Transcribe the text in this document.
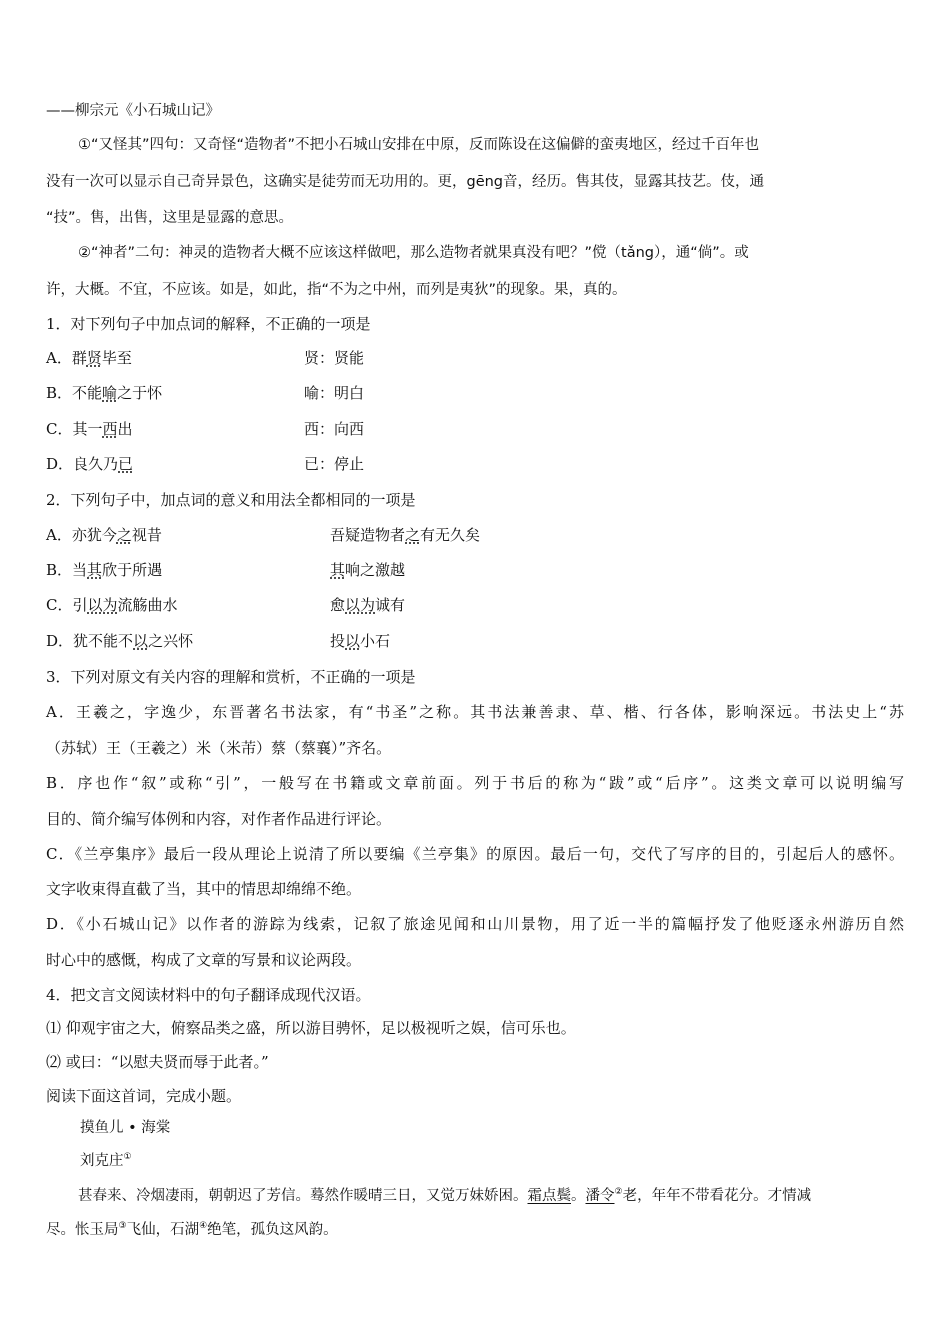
——柳宗元《小石城山记》
①“又怪其”四句：又奇怪“造物者”不把小石城山安排在中原，反而陈设在这偏僻的蛮夷地区，经过千百年也
没有一次可以显示自己奇异景色，这确实是徒劳而无功用的。更，gēng音，经历。售其伎，显露其技艺。伎，通
“技”。售，出售，这里是显露的意思。
②“神者”二句：神灵的造物者大概不应该这样做吧，那么造物者就果真没有吧？”傥（tǎng），通“倘”。或
许，大概。不宜，不应该。如是，如此，指“不为之中州，而列是夷狄”的现象。果，真的。
1．对下列句子中加点词的解释，不正确的一项是
A．群贤毕至	贤：贤能
B．不能喻之于怀	喻：明白
C．其一西出	西：向西
D．良久乃已	已：停止
2．下列句子中，加点词的意义和用法全都相同的一项是
A．亦犹今之视昔	吾疑造物者之有无久矣
B．当其欣于所遇	其响之激越
C．引以为流觞曲水	愈以为诚有
D．犹不能不以之兴怀	投以小石
3．下列对原文有关内容的理解和赏析，不正确的一项是
A．王羲之，字逸少，东晋著名书法家，有“书圣”之称。其书法兼善隶、草、楷、行各体，影响深远。书法史上“苏
（苏轼）王（王羲之）米（米芾）蔡（蔡襄）”齐名。
B．序也作“叙”或称“引”，一般写在书籍或文章前面。列于书后的称为“跋”或“后序”。这类文章可以说明编写
目的、简介编写体例和内容，对作者作品进行评论。
C．《兰亭集序》最后一段从理论上说清了所以要编《兰亭集》的原因。最后一句，交代了写序的目的，引起后人的感怀。
文字收束得直截了当，其中的情思却绵绵不绝。
D．《小石城山记》以作者的游踪为线索，记叙了旅途见闻和山川景物，用了近一半的篇幅抒发了他贬逐永州游历自然
时心中的感慨，构成了文章的写景和议论两段。
4．把文言文阅读材料中的句子翻译成现代汉语。
⑴ 仰观宇宙之大，俯察品类之盛，所以游目骋怀，足以极视听之娱，信可乐也。
⑵ 或曰：“以慰夫贤而辱于此者。”
阅读下面这首词，完成小题。
摸鱼儿 • 海棠
刘克庄①
甚春来、冷烟凄雨，朝朝迟了芳信。蓦然作暖晴三日，又觉万妹娇困。霜点鬓。潘令②老，年年不带看花分。才情减
尽。怅玉局③飞仙，石湖④绝笔，孤负这风韵。
